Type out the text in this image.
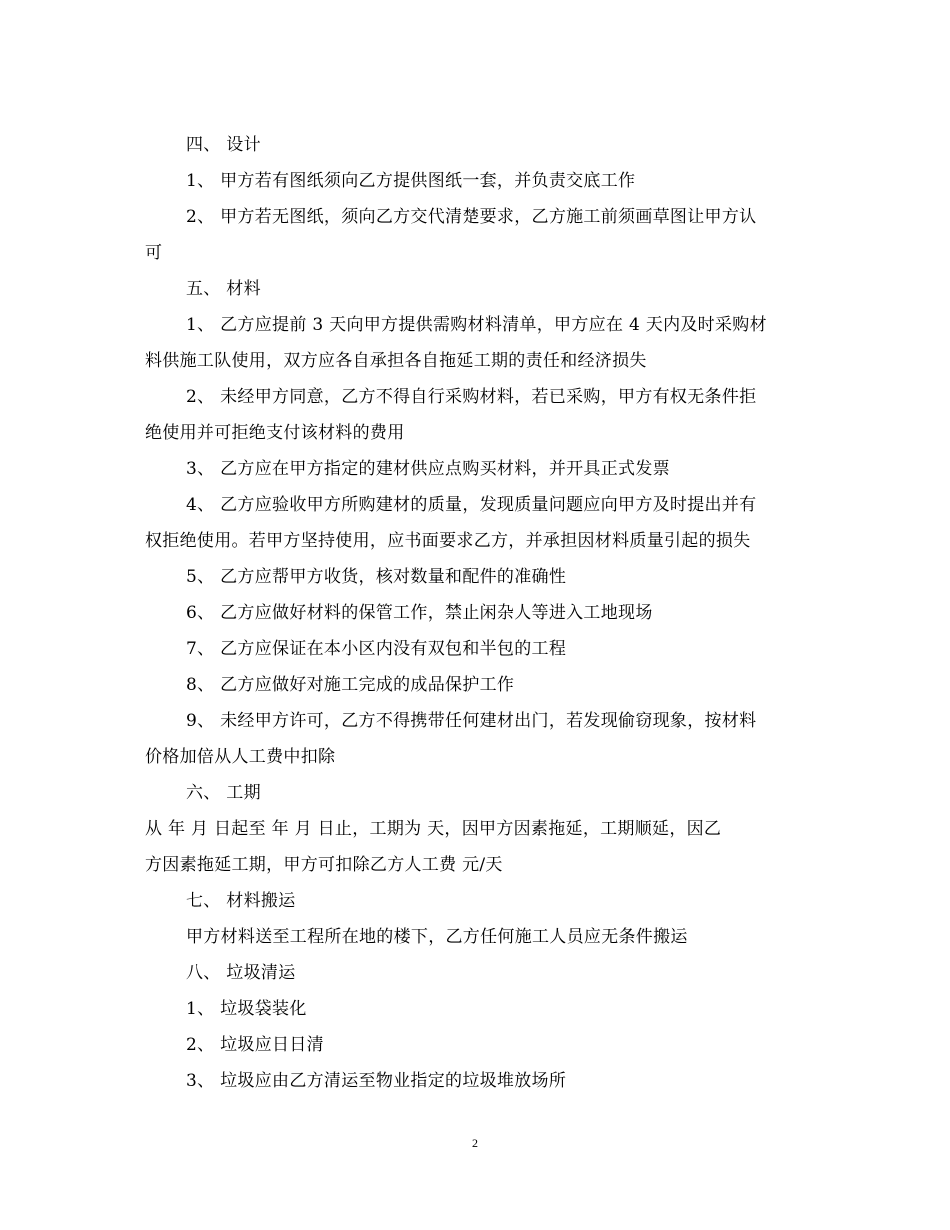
四、 设计
1、 甲方若有图纸须向乙方提供图纸一套，并负责交底工作
2、 甲方若无图纸，须向乙方交代清楚要求，乙方施工前须画草图让甲方认
可
五、 材料
1、 乙方应提前 3 天向甲方提供需购材料清单，甲方应在 4 天内及时采购材
料供施工队使用，双方应各自承担各自拖延工期的责任和经济损失
2、 未经甲方同意，乙方不得自行采购材料，若已采购，甲方有权无条件拒
绝使用并可拒绝支付该材料的费用
3、 乙方应在甲方指定的建材供应点购买材料，并开具正式发票
4、 乙方应验收甲方所购建材的质量，发现质量问题应向甲方及时提出并有
权拒绝使用。若甲方坚持使用，应书面要求乙方，并承担因材料质量引起的损失
5、 乙方应帮甲方收货，核对数量和配件的准确性
6、 乙方应做好材料的保管工作，禁止闲杂人等进入工地现场
7、 乙方应保证在本小区内没有双包和半包的工程
8、 乙方应做好对施工完成的成品保护工作
9、 未经甲方许可，乙方不得携带任何建材出门，若发现偷窃现象，按材料
价格加倍从人工费中扣除
六、 工期
从 年 月 日起至 年 月 日止，工期为 天，因甲方因素拖延，工期顺延，因乙
方因素拖延工期，甲方可扣除乙方人工费 元/天
七、 材料搬运
甲方材料送至工程所在地的楼下，乙方任何施工人员应无条件搬运
八、 垃圾清运
1、 垃圾袋装化
2、 垃圾应日日清
3、 垃圾应由乙方清运至物业指定的垃圾堆放场所
2
